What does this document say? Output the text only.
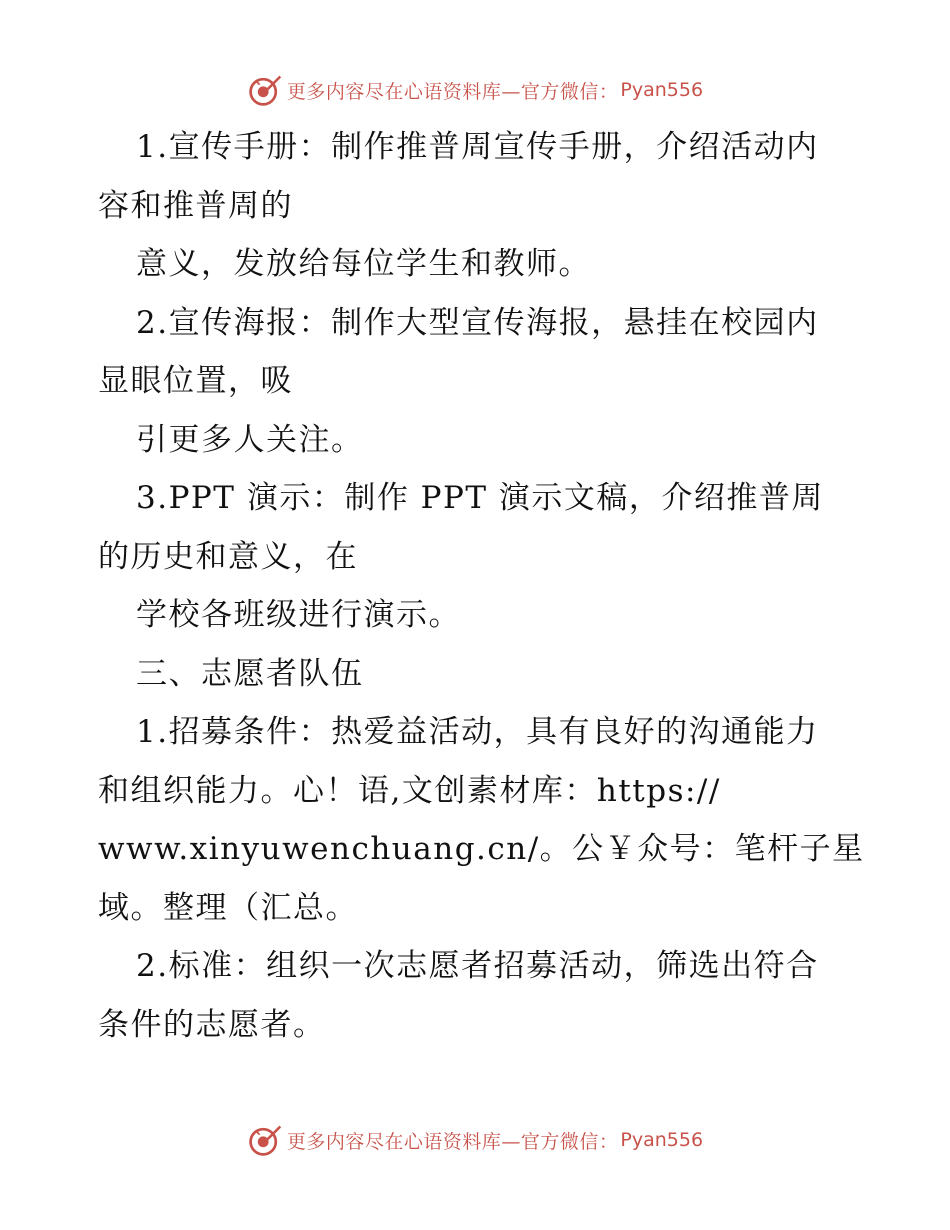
更多内容尽在心语资料库—官方微信： Pyan556
1.宣传手册：制作推普周宣传手册，介绍活动内
容和推普周的
意义，发放给每位学生和教师。
2.宣传海报：制作大型宣传海报，悬挂在校园内
显眼位置，吸
引更多人关注。
3.PPT 演示：制作 PPT 演示文稿，介绍推普周
的历史和意义，在
学校各班级进行演示。
三、志愿者队伍
1.招募条件：热爱益活动，具有良好的沟通能力
和组织能力。心！语,文创素材库：https://
www.xinyuwenchuang.cn/。公￥众号：笔杆子星
域。整理（汇总。
2.标准：组织一次志愿者招募活动，筛选出符合
条件的志愿者。
更多内容尽在心语资料库—官方微信： Pyan556
